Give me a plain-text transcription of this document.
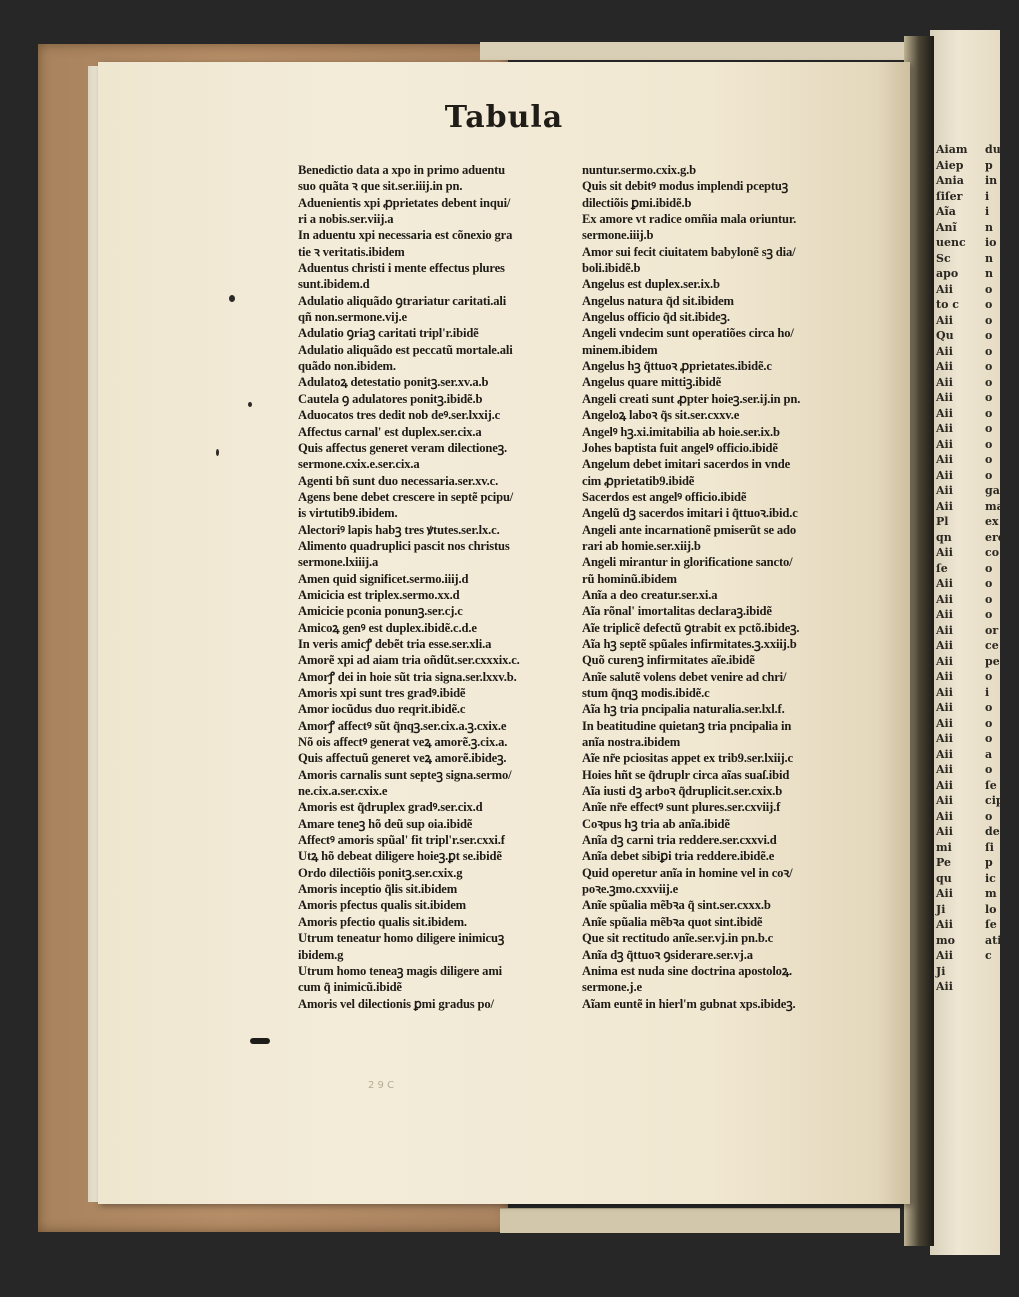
Aiam
Aiep
Ania
ſiſer
Aĩa
Anĩ
uenc
Sc
apo
Aii
to c
Aii
Qu
Aii
Aii
Aii
Aii
Aii
Aii
Aii
Aii
Aii
Aii
Aii
Pl
qn
Aii
ſe
Aii
Aii
Aii
Aii
Aii
Aii
Aii
Aii
Aii
Aii
Aii
Aii
Aii
Aii
Aii
Aii
Aii
mi
Pe
qu
Aii
Ji
Aii
mo
Aii
Ji
Aii
du
p
in
i
i
n
io
n
n
o
o
o
o
o
o
o
o
o
o
o
o
o
gar
ma
ex
ere
co
o
o
o
o
or
ce
pe
o
i
o
o
o
a
o
ſe
cip
o
de
ſi
p
ic
m
lo
ſe
ati
c
Tabula
Benedictio data a xpo in primo aduentu
suo quãta ꝛ que sit.ser.iiij.in pn.
Aduenientis xpi ꝓprietates debent inqui/
ri a nobis.ser.viij.a
In aduentu xpi necessaria est cõnexio gra
tie ꝛ veritatis.ibidem
Aduentus christi i mente effectus plures
sunt.ibidem.d
Adulatio aliquãdo ꝯtrariatur caritati.ali
qñ non.sermone.vij.e
Adulatio ꝯriaꝫ caritati tripl'r.ibidẽ
Adulatio aliquãdo est peccatũ mortale.ali
quãdo non.ibidem.
Adulatoꝝ detestatio ponitꝫ.ser.xv.a.b
Cautela ꝯ adulatores ponitꝫ.ibidẽ.b
Aduocatos tres dedit nob deꝰ.ser.lxxij.c
Affectus carnal' est duplex.ser.cix.a
Quis affectus generet veram dilectioneꝫ.
sermone.cxix.e.ser.cix.a
Agenti bñ sunt duo necessaria.ser.xv.c.
Agens bene debet crescere in septẽ pcipu/
is virtutib9.ibidem.
Alectoriꝰ lapis habꝫ tres ꝟtutes.ser.lx.c.
Alimento quadruplici pascit nos christus
sermone.lxiiij.a
Amen quid significet.sermo.iiij.d
Amicicia est triplex.sermo.xx.d
Amicicie pconia ponunꝫ.ser.cj.c
Amicoꝝ genꝰ est duplex.ibidẽ.c.d.e
In veris amicꝭ debẽt tria esse.ser.xli.a
Amorẽ xpi ad aiam tria oñdũt.ser.cxxxix.c.
Amorꝭ dei in hoie sũt tria signa.ser.lxxv.b.
Amoris xpi sunt tres gradꝰ.ibidẽ
Amor iocũdus duo reqrit.ibidẽ.c
Amorꝭ affectꝰ sũt q̃nqꝫ.ser.cix.a.ꝫ.cxix.e
Nõ ois affectꝰ generat veꝝ amorẽ.ꝫ.cix.a.
Quis affectuũ generet veꝝ amorẽ.ibideꝫ.
Amoris carnalis sunt septeꝫ signa.sermo/
ne.cix.a.ser.cxix.e
Amoris est q̃druplex gradꝰ.ser.cix.d
Amare teneꝫ hõ deũ sup oia.ibidẽ
Affectꝰ amoris spũal' fit tripl'r.ser.cxxi.f
Utꝝ hõ debeat diligere hoieꝫ.ꝑt se.ibidẽ
Ordo dilectiõis ponitꝫ.ser.cxix.g
Amoris inceptio q̃lis sit.ibidem
Amoris pfectus qualis sit.ibidem
Amoris pfectio qualis sit.ibidem.
Utrum teneatur homo diligere inimicuꝫ
ibidem.g
Utrum homo teneaꝫ magis diligere ami
cum q̃ inimicũ.ibidẽ
Amoris vel dilectionis ꝑmi gradus po/
nuntur.sermo.cxix.g.b
Quis sit debitꝰ modus implendi pceptuꝫ
dilectiõis ꝑmi.ibidẽ.b
Ex amore vt radice omñia mala oriuntur.
sermone.iiij.b
Amor sui fecit ciuitatem babylonẽ sꝫ dia/
boli.ibidẽ.b
Angelus est duplex.ser.ix.b
Angelus natura q̃d sit.ibidem
Angelus officio q̃d sit.ibideꝫ.
Angeli vndecim sunt operatiões circa ho/
minem.ibidem
Angelus hꝫ q̃ttuoꝛ ꝓprietates.ibidẽ.c
Angelus quare mittiꝫ.ibidẽ
Angeli creati sunt ꝓpter hoieꝫ.ser.ij.in pn.
Angeloꝝ laboꝛ q̃s sit.ser.cxxv.e
Angelꝰ hꝫ.xi.imitabilia ab hoie.ser.ix.b
Johes baptista fuit angelꝰ officio.ibidẽ
Angelum debet imitari sacerdos in vnde
cim ꝓprietatib9.ibidẽ
Sacerdos est angelꝰ officio.ibidẽ
Angelũ dꝫ sacerdos imitari i q̃ttuoꝛ.ibid.c
Angeli ante incarnationẽ pmiserũt se ado
rari ab homie.ser.xiij.b
Angeli mirantur in glorificatione sancto/
rũ hominũ.ibidem
Anĩa a deo creatur.ser.xi.a
Aĩa rõnal' imortalitas declaraꝫ.ibidẽ
Aĩe triplicẽ defectũ ꝯtrabit ex pctõ.ibideꝫ.
Aĩa hꝫ septẽ spũales infirmitates.ꝫ.xxiij.b
Quõ curenꝫ infirmitates aĩe.ibidẽ
Anĩe salutẽ volens debet venire ad chri/
stum q̃nqꝫ modis.ibidẽ.c
Aĩa hꝫ tria pncipalia naturalia.ser.lxl.f.
In beatitudine quietanꝫ tria pncipalia in
anĩa nostra.ibidem
Aĩe nr̃e pciositas appet ex trib9.ser.lxiij.c
Hoies hñt se q̃druplr circa aĩas suaſ.ibid
Aĩa iusti dꝫ arboꝛ q̃druplicit.ser.cxix.b
Anĩe nr̃e effectꝰ sunt plures.ser.cxviij.f
Coꝛpus hꝫ tria ab anĩa.ibidẽ
Anĩa dꝫ carni tria reddere.ser.cxxvi.d
Anĩa debet sibiꝑi tria reddere.ibidẽ.e
Quid operetur anĩa in homine vel in coꝛ/
poꝛe.ꝫmo.cxxviij.e
Anĩe spũalia mẽbꝛa q̃ sint.ser.cxxx.b
Anĩe spũalia mẽbꝛa quot sint.ibidẽ
Que sit rectitudo anĩe.ser.vj.in pn.b.c
Anĩa dꝫ q̃ttuoꝛ ꝯsiderare.ser.vj.a
Anima est nuda sine doctrina apostoloꝝ.
sermone.j.e
Aĩam euntẽ in hierl'm gubnat xps.ibideꝫ.
2 9 C
